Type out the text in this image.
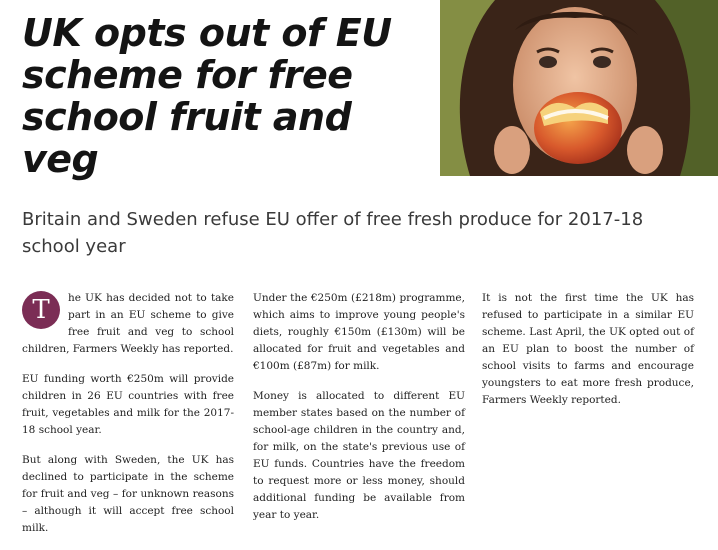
UK opts out of EU scheme for free school fruit and veg
Britain and Sweden refuse EU offer of free fresh produce for 2017-18 school year

T	he UK has decided not to take part in an EU scheme to give free fruit and veg to school children, Farmers Weekly has reported.

EU funding worth €250m will provide children in 26 EU countries with free fruit, vegetables and milk for the 2017-18 school year.

But along with Sweden, the UK has declined to participate in the scheme for fruit and veg – for unknown reasons – although it will accept free school milk.

Under the €250m (£218m) programme, which aims to improve young people's diets, roughly €150m (£130m) will be allocated for fruit and vegetables and €100m (£87m) for milk.

Money is allocated to different EU member states based on the number of school-age children in the country and, for milk, on the state's previous use of EU funds. Countries have the freedom to request more or less money, should additional funding be available from year to year.

It is not the first time the UK has refused to participate in a similar EU scheme. Last April, the UK opted out of an EU plan to boost the number of school visits to farms and encourage youngsters to eat more fresh produce, Farmers Weekly reported.
